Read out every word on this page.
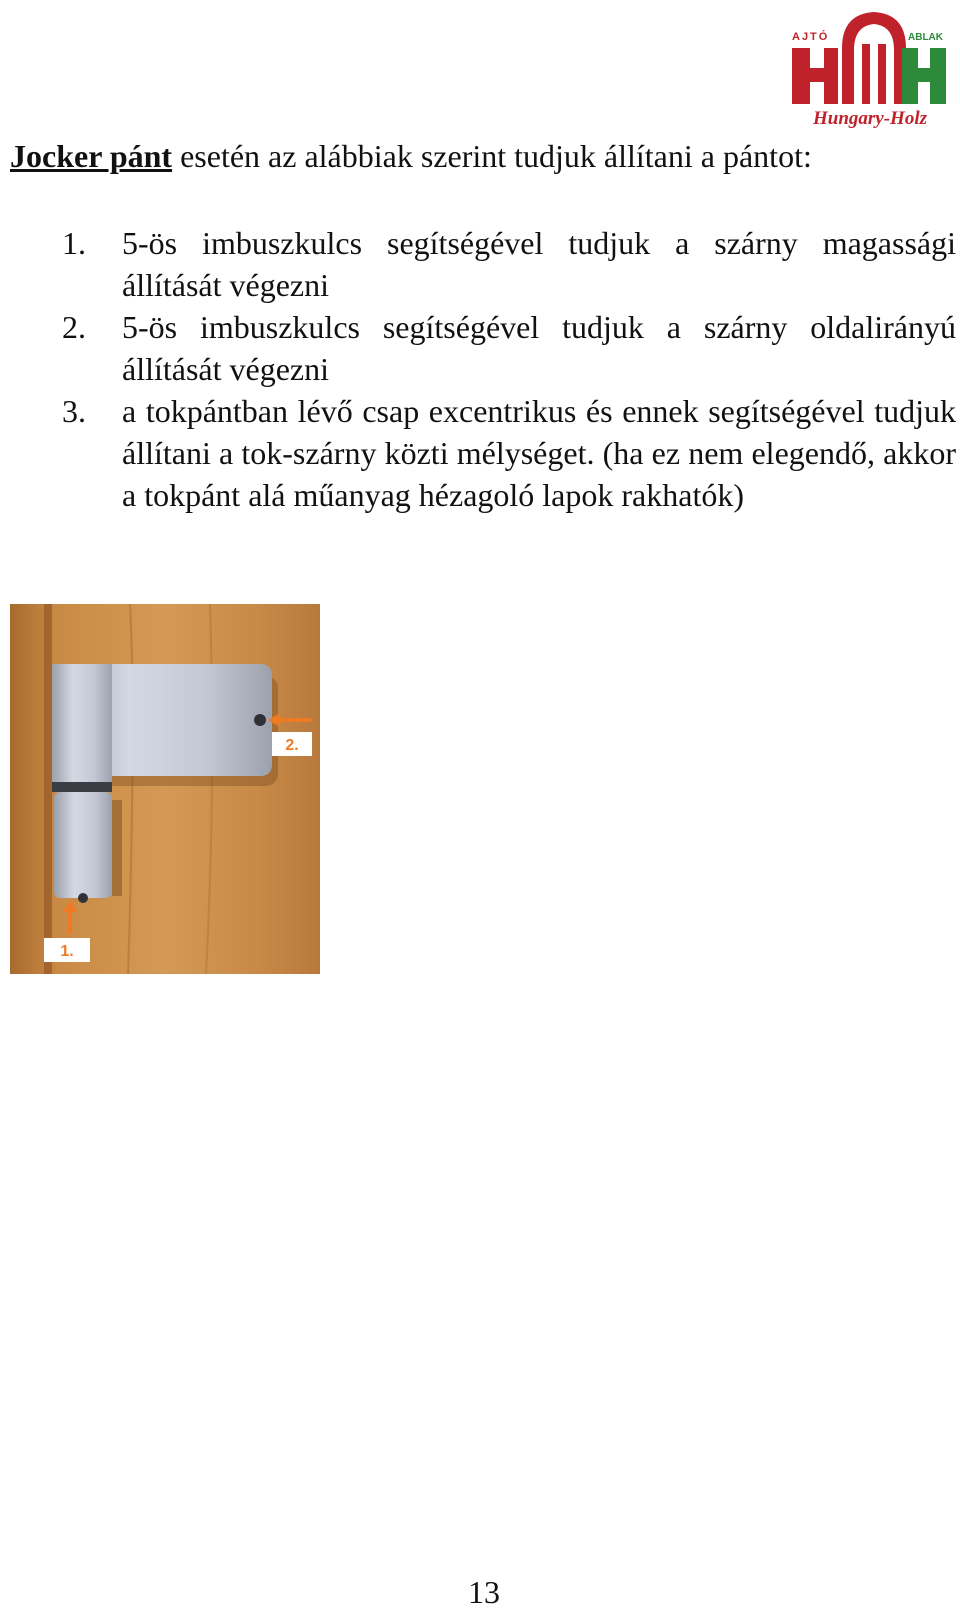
AJTÓ	ABLAK
Hungary-Holz

Jocker pánt esetén az alábbiak szerint tudjuk állítani a pántot:

1. 5-ös imbuszkulcs segítségével tudjuk a szárny magassági állítását végezni
2. 5-ös imbuszkulcs segítségével tudjuk a szárny oldalirányú állítását végezni
3. a tokpántban lévő csap excentrikus és ennek segítségével tudjuk állítani a tok-szárny közti mélységet. (ha ez nem elegendő, akkor a tokpánt alá műanyag hézagoló lapok rakhatók)
2.
1.
13
